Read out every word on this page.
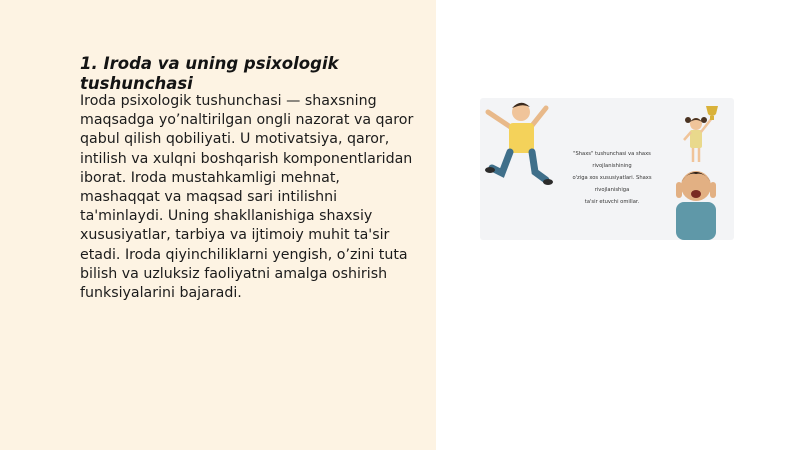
1. Iroda va uning psixologik tushunchasi

Iroda psixologik tushunchasi — shaxsning maqsadga yo’naltirilgan ongli nazorat va qaror qabul qilish qobiliyati. U motivatsiya, qaror, intilish va xulqni boshqarish komponentlaridan iborat. Iroda mustahkamligi mehnat, mashaqqat va maqsad sari intilishni ta'minlaydi. Uning shakllanishiga shaxsiy xususiyatlar, tarbiya va ijtimoiy muhit ta'sir etadi. Iroda qiyinchiliklarni yengish, o’zini tuta bilish va uzluksiz faoliyatni amalga oshirish funksiyalarini bajaradi.

"Shaxs" tushunchasi va shaxs
rivojlanishining
o'ziga xos xususiyatlari. Shaxs
rivojlanishiga
ta'sir etuvchi omillar.
